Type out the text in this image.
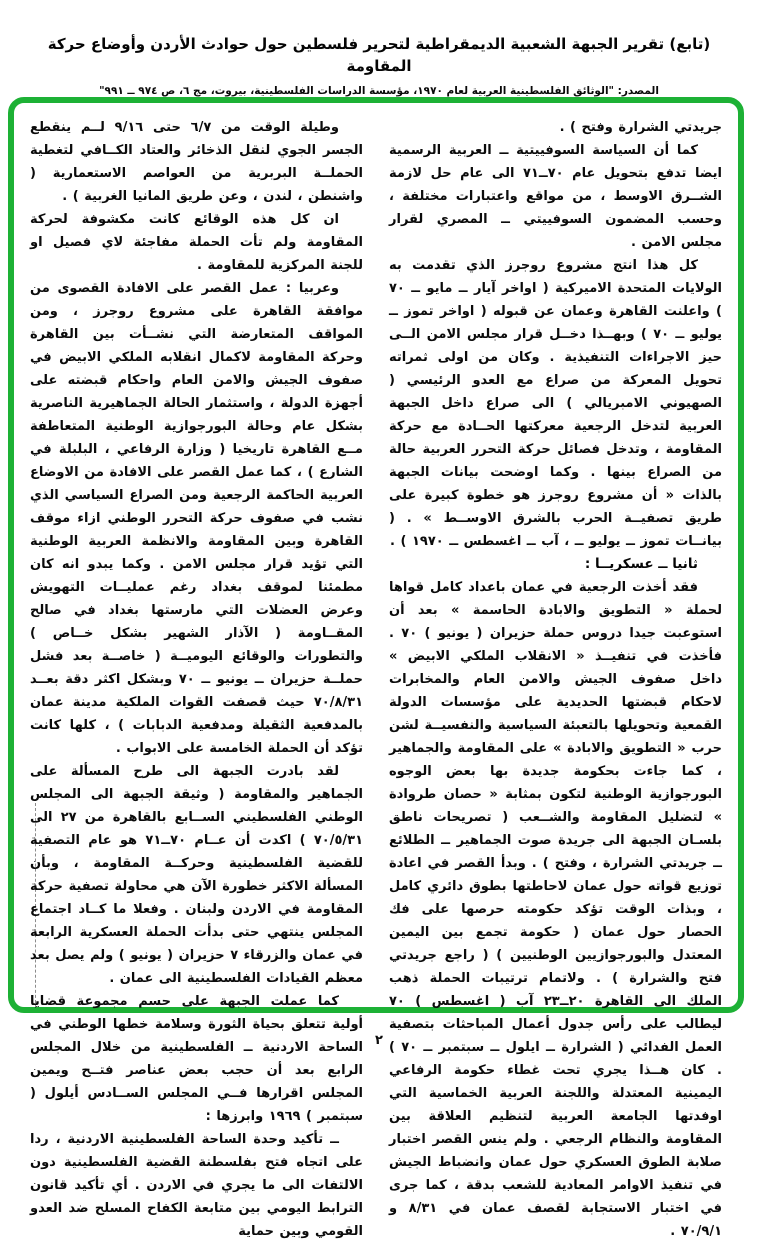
(تابع) تقرير الجبهة الشعبية الديمقراطية لتحرير فلسطين حول حوادث الأردن وأوضاع حركة المقاومة
المصدر: "الوثائق الفلسطينية العربية لعام ١٩٧٠، مؤسسة الدراسات الفلسطينية، بيروت، مج ٦، ص ٩٧٤ ــ ٩٩١"

جريدتي الشرارة وفتح ) .

كما أن السياسة السوفييتية ــ العربية الرسمية ايضا تدفع بتحويل عام ٧٠ــ٧١ الى عام حل لازمة الشــرق الاوسط ، من مواقع واعتبارات مختلفة ، وحسب المضمون السوفييتي ــ المصري لقرار مجلس الامن .

كل هذا انتج مشروع روجرز الذي تقدمت به الولايات المتحدة الاميركية ( اواخر آيار ــ مايو ــ ٧٠ ) واعلنت القاهرة وعمان عن قبوله ( اواخر تموز ــ يوليو ــ ٧٠ ) وبهــذا دخــل قرار مجلس الامن الــى حيز الاجراءات التنفيذية . وكان من اولى ثمراته تحويل المعركة من صراع مع العدو الرئيسي ( الصهيوني الامبريالي ) الى صراع داخل الجبهة العربية لتدخل الرجعية معركتها الحــادة مع حركة المقاومة ، وتدخل فصائل حركة التحرر العربية حالة من الصراع بينها . وكما اوضحت بيانات الجبهة بالذات « أن مشروع روجرز هو خطوة كبيرة على طريق تصفيــة الحرب بالشرق الاوســط » . ( بيانــات تموز ــ يوليو ــ ، آب ــ اغسطس ــ ١٩٧٠ ) .

ثانيا ــ عسكريــا :

فقد أخذت الرجعية في عمان باعداد كامل قواها لحملة « التطويق والابادة الحاسمة » بعد أن استوعبت جيدا دروس حملة حزيران ( يونيو ) ٧٠ . فأخذت في تنفيــذ « الانقلاب الملكي الابيض » داخل صفوف الجيش والامن العام والمخابرات لاحكام قبضتها الحديدية على مؤسسات الدولة القمعية وتحويلها بالتعبئة السياسية والنفسيــة لشن حرب « التطويق والابادة » على المقاومة والجماهير ، كما جاءت بحكومة جديدة بها بعض الوجوه البورجوازية الوطنية لتكون بمثابة « حصان طروادة » لتضليل المقاومة والشــعب ( تصريحات ناطق بلسـان الجبهة الى جريدة صوت الجماهير ــ الطلائع ــ جريدتي الشرارة ، وفتح ) . وبدأ القصر في اعادة توزيع قواته حول عمان لاحاطتها بطوق دائري كامل ، وبذات الوقت تؤكد حكومته حرصها على فك الحصار حول عمان ( حكومة تجمع بين اليمين المعتدل والبورجوازيين الوطنيين ) ( راجع جريدتي فتح والشرارة ) . ولاتمام ترتيبات الحملة ذهب الملك الى القاهرة ٢٠ــ٢٣ آب ( اغسطس ) ٧٠ ليطالب على رأس جدول أعمال المباحثات بتصفية العمل الفدائي ( الشرارة ــ ايلول ــ سبتمبر ــ ٧٠ ) . كان هــذا يجري تحت غطاء حكومة الرفاعي اليمينية المعتدلة واللجنة العربية الخماسية التي اوفدتها الجامعة العربية لتنظيم العلاقة بين المقاومة والنظام الرجعي . ولم ينس القصر اختبار صلابة الطوق العسكري حول عمان وانضباط الجيش في تنفيذ الاوامر المعادية للشعب بدقة ، كما جرى في اختبار الاستجابة لقصف عمان في ٨/٣١ و ٧٠/٩/١ .

وطيلة الوقت من ٦/٧ حتى ٩/١٦ لــم ينقطع الجسر الجوي لنقل الذخائر والعتاد الكــافي لتغطية الحملــة البربرية من العواصم الاستعمارية ( واشنطن ، لندن ، وعن طريق المانيا الغربية ) .

ان كل هذه الوقائع كانت مكشوفة لحركة المقاومة ولم تأت الحملة مفاجئة لاي فصيل او للجنة المركزية للمقاومة .

وعربيا : عمل القصر على الافادة القصوى من موافقة القاهرة على مشروع روجرز ، ومن المواقف المتعارضة التي نشــأت بين القاهرة وحركة المقاومة لاكمال انقلابه الملكي الابيض في صفوف الجيش والامن العام واحكام قبضته على أجهزة الدولة ، واستثمار الحالة الجماهيرية الناصرية بشكل عام وحالة البورجوازية الوطنية المتعاطفة مــع القاهرة تاريخيا ( وزارة الرفاعي ، البلبلة في الشارع ) ، كما عمل القصر على الافادة من الاوضاع العربية الحاكمة الرجعية ومن الصراع السياسي الذي نشب في صفوف حركة التحرر الوطني ازاء موقف القاهرة وبين المقاومة والانظمة العربية الوطنية التي تؤيد قرار مجلس الامن . وكما يبدو انه كان مطمئنا لموقف بغداد رغم عمليــات التهويش وعرض العضلات التي مارستها بغداد في صالح المقــاومة ( الآذار الشهير بشكل خــاص ) والتطورات والوقائع اليوميــة ( خاصــة بعد فشل حملــة حزيران ــ يونيو ــ ٧٠ وبشكل اكثر دقة بعــد ٧٠/٨/٣١ حيث قصفت القوات الملكية مدينة عمان بالمدفعية الثقيلة ومدفعية الدبابات ) ، كلها كانت تؤكد أن الحملة الخامسة على الابواب .

لقد بادرت الجبهة الى طرح المسألة على الجماهير والمقاومة ( وثيقة الجبهة الى المجلس الوطني الفلسطيني الســابع بالقاهرة من ٢٧ الى ٧٠/٥/٣١ ) اكدت أن عــام ٧٠ــ٧١ هو عام التصفية للقضية الفلسطينية وحركــة المقاومة ، وبأن المسألة الاكثر خطورة الآن هي محاولة تصفية حركة المقاومة في الاردن ولبنان . وفعلا ما كــاد اجتماع المجلس ينتهي حتى بدأت الحملة العسكرية الرابعة في عمان والزرقاء ٧ حزيران ( يونيو ) ولم يصل بعد معظم القيادات الفلسطينية الى عمان .

كما عملت الجبهة على حسم مجموعة قضايا أولية تتعلق بحياة الثورة وسلامة خطها الوطني في الساحة الاردنية ــ الفلسطينية من خلال المجلس الرابع بعد أن حجب بعض عناصر فتــح ويمين المجلس اقرارها فــي المجلس الســادس أيلول ( سبتمبر ) ١٩٦٩ وابرزها :

ــ تأكيد وحدة الساحة الفلسطينية الاردنية ، ردا على اتجاه فتح بفلسطنة القضية الفلسطينية دون الالتفات الى ما يجري في الاردن . أي تأكيد قانون الترابط اليومي بين متابعة الكفاح المسلح ضد العدو القومي وبين حماية

٢
